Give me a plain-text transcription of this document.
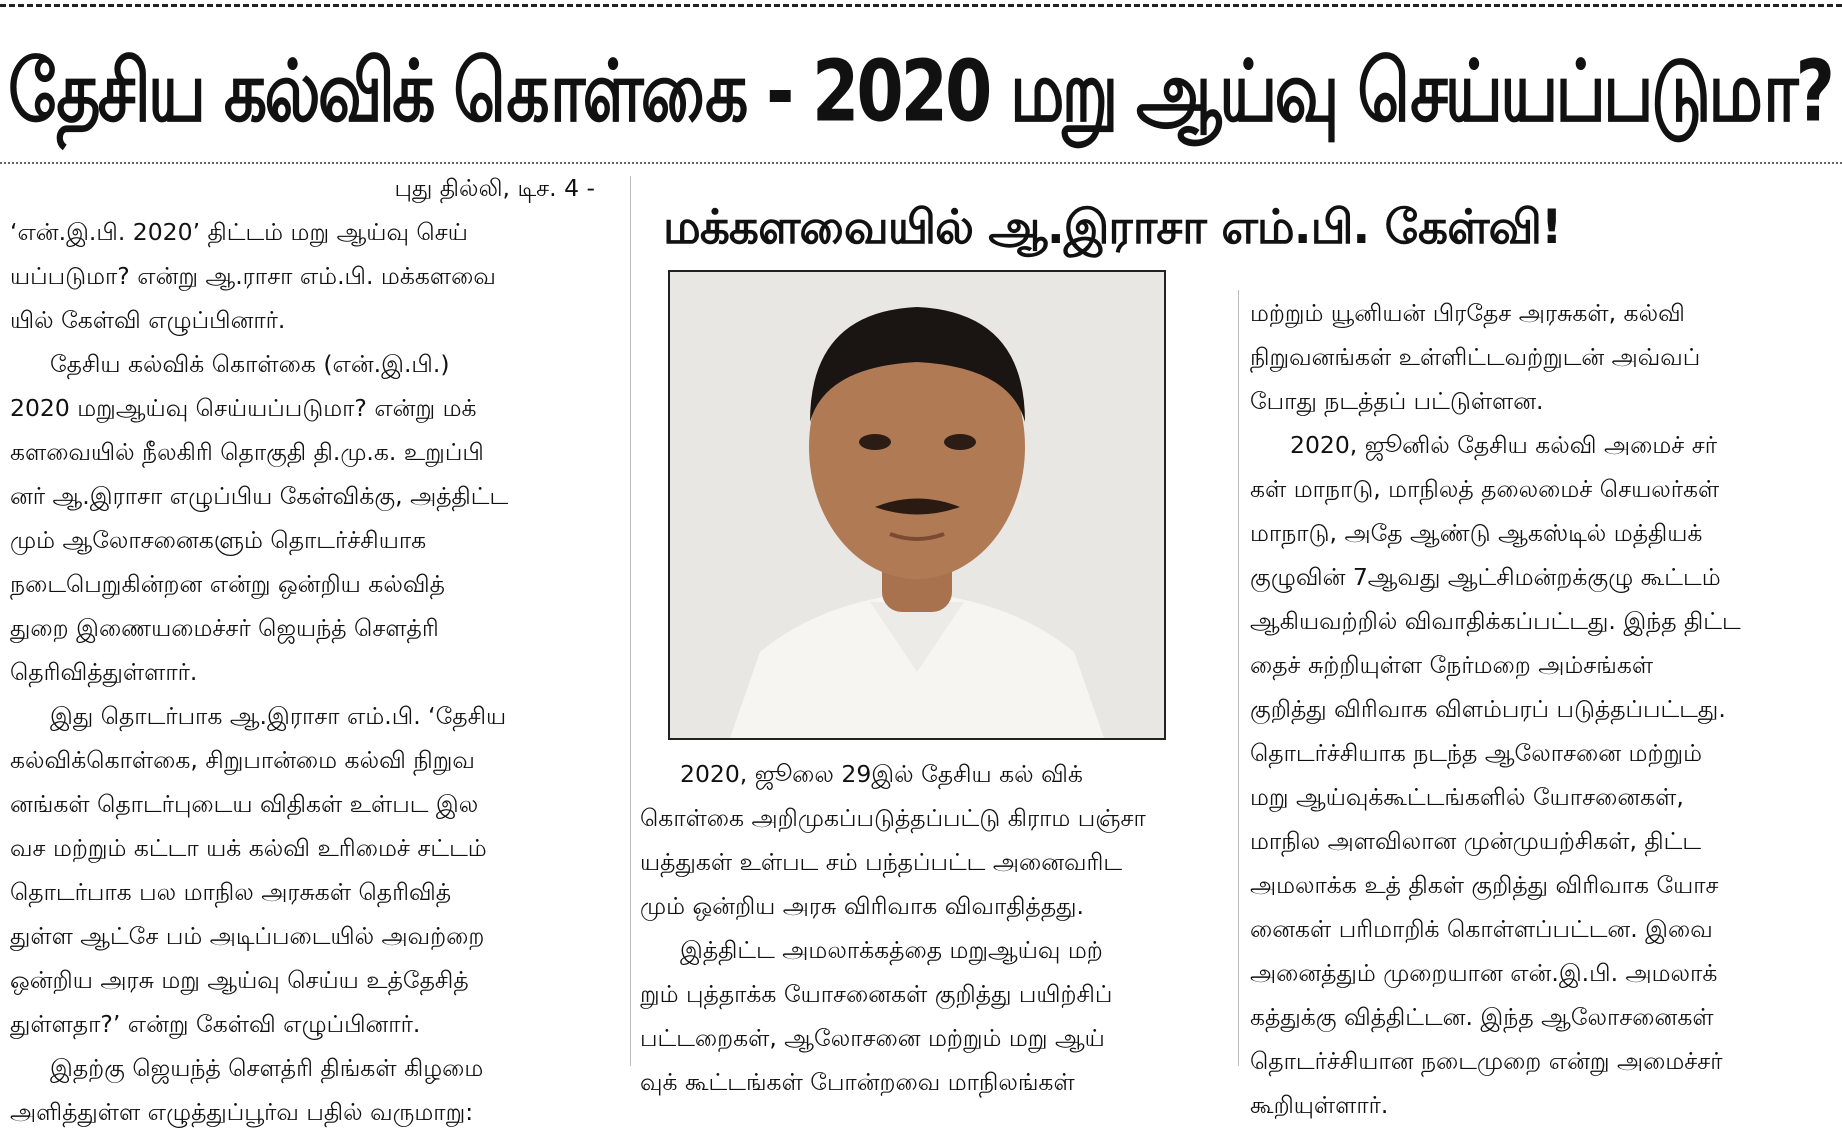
தேசிய கல்விக் கொள்கை - 2020 மறு ஆய்வு செய்யப்படுமா?

புது தில்லி, டிச. 4 -

‘என்.இ.பி. 2020’ திட்டம் மறு ஆய்வு செய்

யப்படுமா? என்று ஆ.ராசா எம்.பி. மக்களவை

யில் கேள்வி எழுப்பினார்.

தேசிய கல்விக் கொள்கை (என்.இ.பி.)

2020 மறுஆய்வு செய்யப்படுமா? என்று மக்

களவையில் நீலகிரி தொகுதி தி.மு.க. உறுப்பி

னர் ஆ.இராசா எழுப்பிய கேள்விக்கு, அத்திட்ட

மும் ஆலோசனைகளும் தொடர்ச்சியாக

நடைபெறுகின்றன என்று ஒன்றிய கல்வித்

துறை இணையமைச்சர் ஜெயந்த் சௌத்ரி

தெரிவித்துள்ளார்.

இது தொடர்பாக ஆ.இராசா எம்.பி. ‘தேசிய

கல்விக்கொள்கை, சிறுபான்மை கல்வி நிறுவ

னங்கள் தொடர்புடைய விதிகள் உள்பட இல

வச மற்றும் கட்டா யக் கல்வி உரிமைச் சட்டம்

தொடர்பாக பல மாநில அரசுகள் தெரிவித்

துள்ள ஆட்சே பம் அடிப்படையில் அவற்றை

ஒன்றிய அரசு மறு ஆய்வு செய்ய உத்தேசித்

துள்ளதா?’ என்று கேள்வி எழுப்பினார்.

இதற்கு ஜெயந்த் சௌத்ரி திங்கள் கிழமை

அளித்துள்ள எழுத்துப்பூர்வ பதில் வருமாறு:

மக்களவையில் ஆ.இராசா எம்.பி. கேள்வி!

2020, ஜூலை 29இல் தேசிய கல் விக்

கொள்கை அறிமுகப்படுத்தப்பட்டு கிராம பஞ்சா

யத்துகள் உள்பட சம் பந்தப்பட்ட அனைவரிட

மும் ஒன்றிய அரசு விரிவாக விவாதித்தது.

இத்திட்ட அமலாக்கத்தை மறுஆய்வு மற்

றும் புத்தாக்க யோசனைகள் குறித்து பயிற்சிப்

பட்டறைகள், ஆலோசனை மற்றும் மறு ஆய்

வுக் கூட்டங்கள் போன்றவை மாநிலங்கள்

மற்றும் யூனியன் பிரதேச அரசுகள், கல்வி

நிறுவனங்கள் உள்ளிட்டவற்றுடன் அவ்வப்

போது நடத்தப் பட்டுள்ளன.

2020, ஜூனில் தேசிய கல்வி அமைச் சர்

கள் மாநாடு, மாநிலத் தலைமைச் செயலர்கள்

மாநாடு, அதே ஆண்டு ஆகஸ்டில் மத்தியக்

குழுவின் 7ஆவது ஆட்சிமன்றக்குழு கூட்டம்

ஆகியவற்றில் விவாதிக்கப்பட்டது. இந்த திட்ட

தைச் சுற்றியுள்ள நேர்மறை அம்சங்கள்

குறித்து விரிவாக விளம்பரப் படுத்தப்பட்டது.

தொடர்ச்சியாக நடந்த ஆலோசனை மற்றும்

மறு ஆய்வுக்கூட்டங்களில் யோசனைகள்,

மாநில அளவிலான முன்முயற்சிகள், திட்ட

அமலாக்க உத் திகள் குறித்து விரிவாக யோச

னைகள் பரிமாறிக் கொள்ளப்பட்டன. இவை

அனைத்தும் முறையான என்.இ.பி. அமலாக்

கத்துக்கு வித்திட்டன. இந்த ஆலோசனைகள்

தொடர்ச்சியான நடைமுறை என்று அமைச்சர்

கூறியுள்ளார்.
